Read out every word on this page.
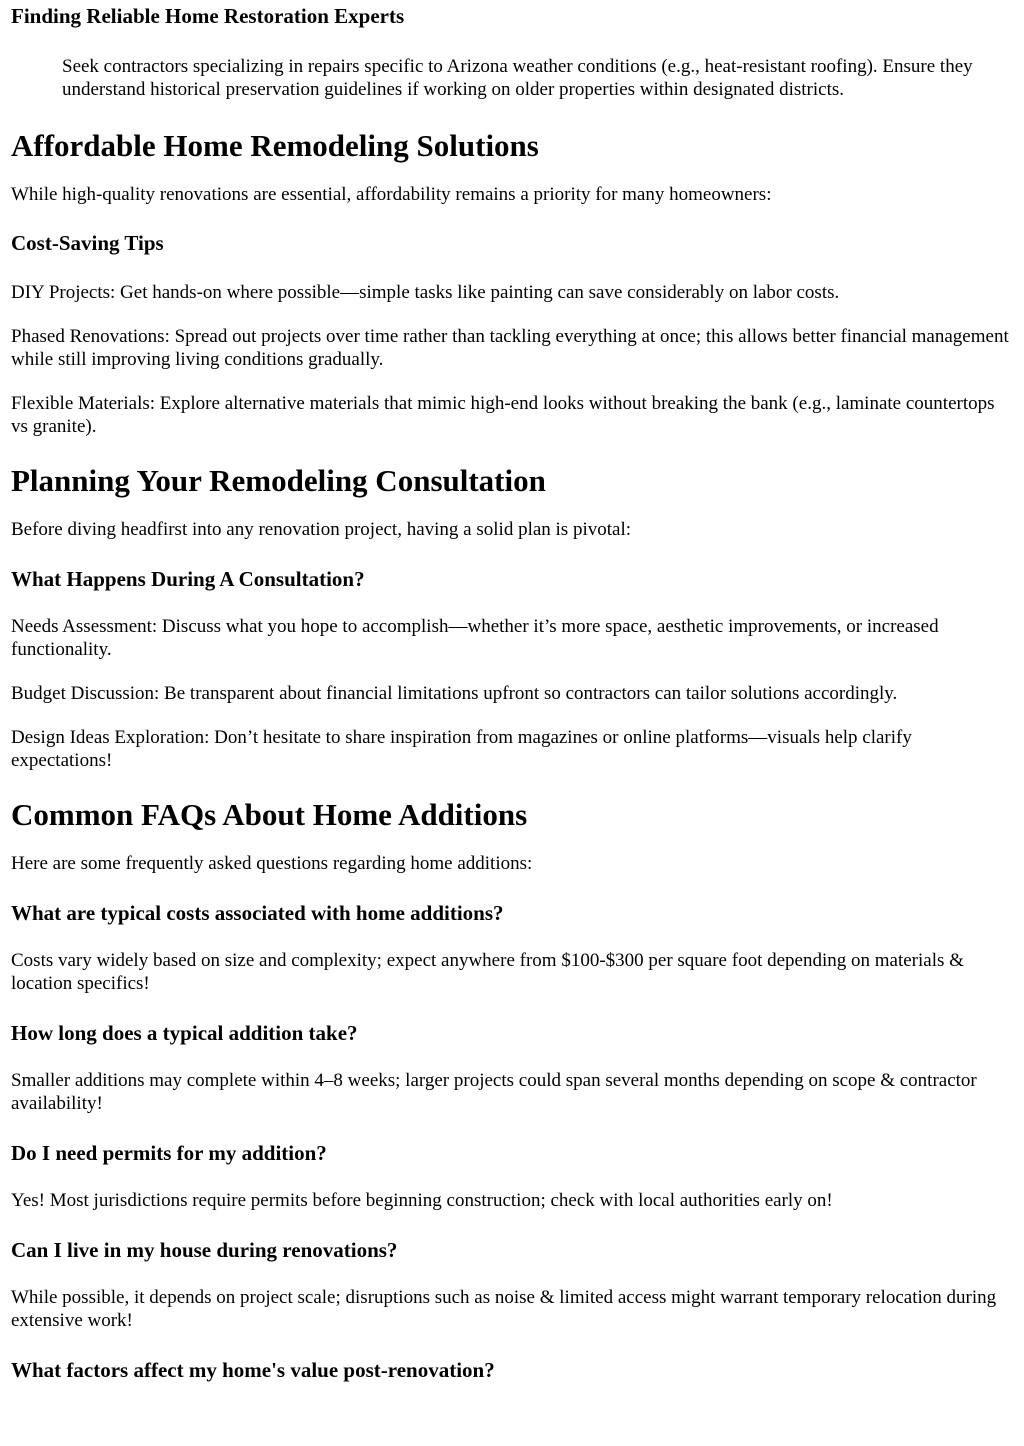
Finding Reliable Home Restoration Experts
Seek contractors specializing in repairs specific to Arizona weather conditions (e.g., heat-resistant roofing). Ensure they understand historical preservation guidelines if working on older properties within designated districts.
Affordable Home Remodeling Solutions

While high-quality renovations are essential, affordability remains a priority for many homeowners:

Cost-Saving Tips

DIY Projects: Get hands-on where possible—simple tasks like painting can save considerably on labor costs.

Phased Renovations: Spread out projects over time rather than tackling everything at once; this allows better financial management while still improving living conditions gradually.

Flexible Materials: Explore alternative materials that mimic high-end looks without breaking the bank (e.g., laminate countertops vs granite).

Planning Your Remodeling Consultation

Before diving headfirst into any renovation project, having a solid plan is pivotal:

What Happens During A Consultation?

Needs Assessment: Discuss what you hope to accomplish—whether it’s more space, aesthetic improvements, or increased functionality.

Budget Discussion: Be transparent about financial limitations upfront so contractors can tailor solutions accordingly.

Design Ideas Exploration: Don’t hesitate to share inspiration from magazines or online platforms—visuals help clarify expectations!

Common FAQs About Home Additions

Here are some frequently asked questions regarding home additions:

What are typical costs associated with home additions?

Costs vary widely based on size and complexity; expect anywhere from $100-$300 per square foot depending on materials & location specifics!

How long does a typical addition take?

Smaller additions may complete within 4–8 weeks; larger projects could span several months depending on scope & contractor availability!

Do I need permits for my addition?

Yes! Most jurisdictions require permits before beginning construction; check with local authorities early on!

Can I live in my house during renovations?

While possible, it depends on project scale; disruptions such as noise & limited access might warrant temporary relocation during extensive work!

What factors affect my home's value post-renovation?
